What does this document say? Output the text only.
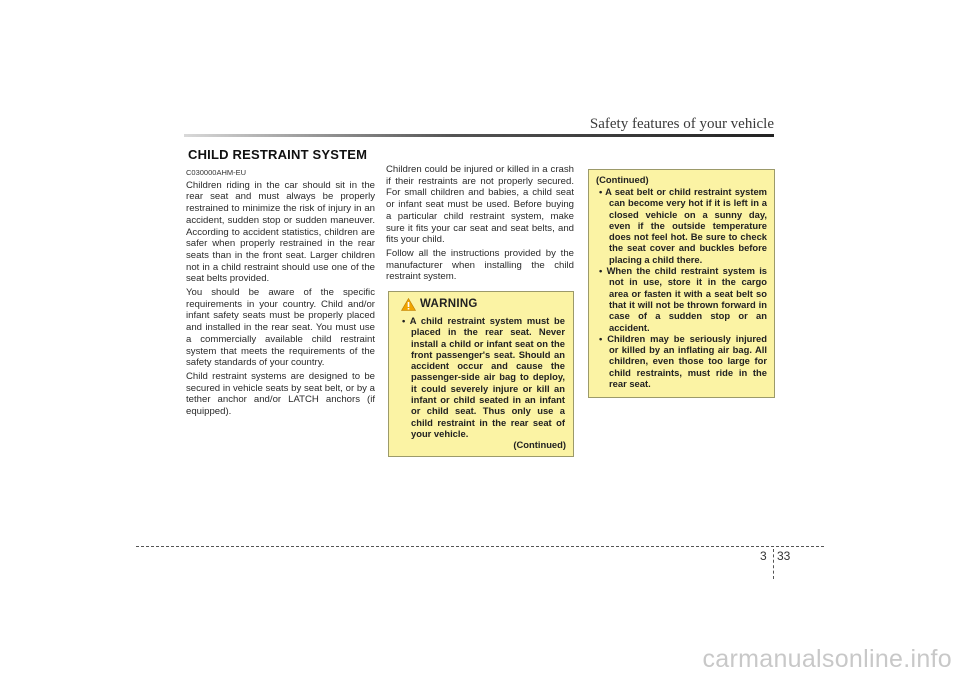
Safety features of your vehicle
CHILD RESTRAINT SYSTEM
C030000AHM-EU

Children riding in the car should sit in the rear seat and must always be properly restrained to minimize the risk of injury in an accident, sudden stop or sudden maneuver. According to accident statistics, children are safer when properly restrained in the rear seats than in the front seat. Larger children not in a child restraint should use one of the seat belts provided.

You should be aware of the specific requirements in your country. Child and/or infant safety seats must be properly placed and installed in the rear seat. You must use a commercially available child restraint system that meets the requirements of the safety standards of your country.

Child restraint systems are designed to be secured in vehicle seats by seat belt, or by a tether anchor and/or LATCH anchors (if equipped).

Children could be injured or killed in a crash if their restraints are not properly secured. For small children and babies, a child seat or infant seat must be used. Before buying a particular child restraint system, make sure it fits your car seat and seat belts, and fits your child.

Follow all the instructions provided by the manufacturer when installing the child restraint system.

WARNING
• A child restraint system must be placed in the rear seat. Never install a child or infant seat on the front passenger's seat. Should an accident occur and cause the passenger-side air bag to deploy, it could severely injure or kill an infant or child seated in an infant or child seat. Thus only use a child restraint in the rear seat of your vehicle.
(Continued)
(Continued)
• A seat belt or child restraint system can become very hot if it is left in a closed vehicle on a sunny day, even if the outside temperature does not feel hot. Be sure to check the seat cover and buckles before placing a child there.
• When the child restraint system is not in use, store it in the cargo area or fasten it with a seat belt so that it will not be thrown forward in case of a sudden stop or an accident.
• Children may be seriously injured or killed by an inflating air bag. All children, even those too large for child restraints, must ride in the rear seat.
3 33
carmanualsonline.info
